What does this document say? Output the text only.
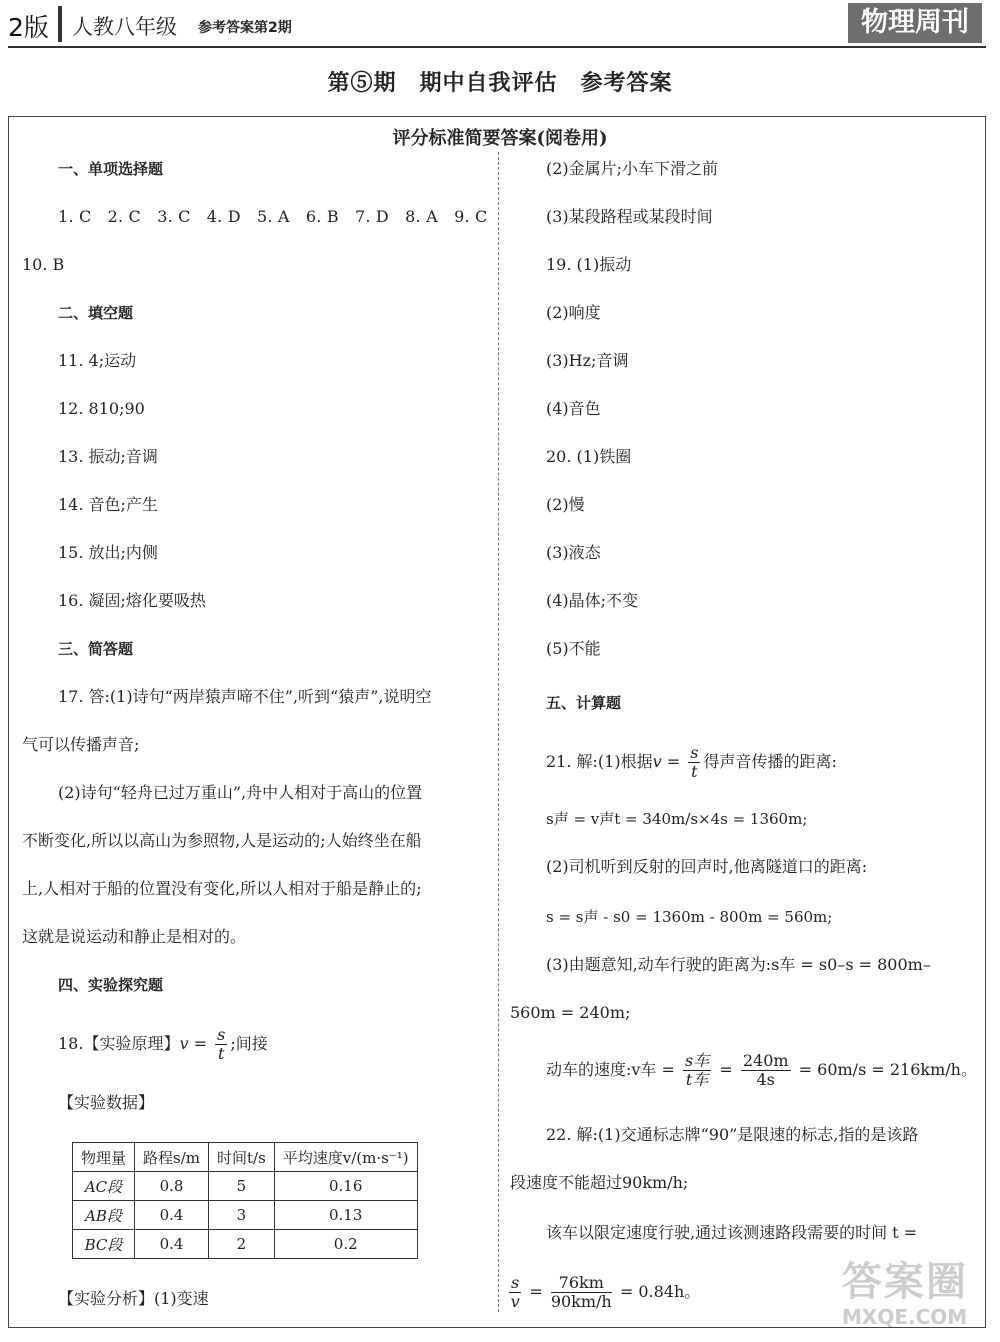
2版 人教八年级 参考答案第2期	物理周刊
第⑤期　期中自我评估　参考答案
评分标准简要答案(阅卷用)
一、单项选择题
1. C　2. C　3. C　4. D　5. A　6. B　7. D　8. A　9. C
10. B
二、填空题
11. 4;运动
12. 810;90
13. 振动;音调
14. 音色;产生
15. 放出;内侧
16. 凝固;熔化要吸热
三、简答题
17. 答:(1)诗句“两岸猿声啼不住”,听到“猿声”,说明空
气可以传播声音;
(2)诗句“轻舟已过万重山”,舟中人相对于高山的位置
不断变化,所以以高山为参照物,人是运动的;人始终坐在船
上,人相对于船的位置没有变化,所以人相对于船是静止的;
这就是说运动和静止是相对的。
四、实验探究题
18.【实验原理】$v = \frac{s}{t}$ ;间接
【实验数据】
物理量	路程s/m	时间t/s	平均速度v/(m·s⁻¹)
AC段	0.8	5	0.16
AB段	0.4	3	0.13
BC段	0.4	2	0.2
【实验分析】(1)变速
(2)金属片;小车下滑之前
(3)某段路程或某段时间
19. (1)振动
(2)响度
(3)Hz;音调
(4)音色
20. (1)铁圈
(2)慢
(3)液态
(4)晶体;不变
(5)不能
五、计算题
21. 解:(1)根据$v = \frac{s}{t}$ 得声音传播的距离:
s声 = v声t = 340m/s×4s = 1360m;
(2)司机听到反射的回声时,他离隧道口的距离:
s = s声 - s0 = 1360m - 800m = 560m;
(3)由题意知,动车行驶的距离为:s车 = s0–s = 800m–
560m = 240m;
动车的速度:v车 = $\frac{\text{s车}}{\text{t车}} = \frac{240m}{4s} = 60m/s = 216km/h$。
22. 解:(1)交通标志牌“90”是限速的标志,指的是该路
段速度不能超过90km/h;
该车以限定速度行驶,通过该测速路段需要的时间 t =
$\frac{s}{v} = \frac{76km}{90km/h} = 0.84h$。	答案圈
MXQE.COM
